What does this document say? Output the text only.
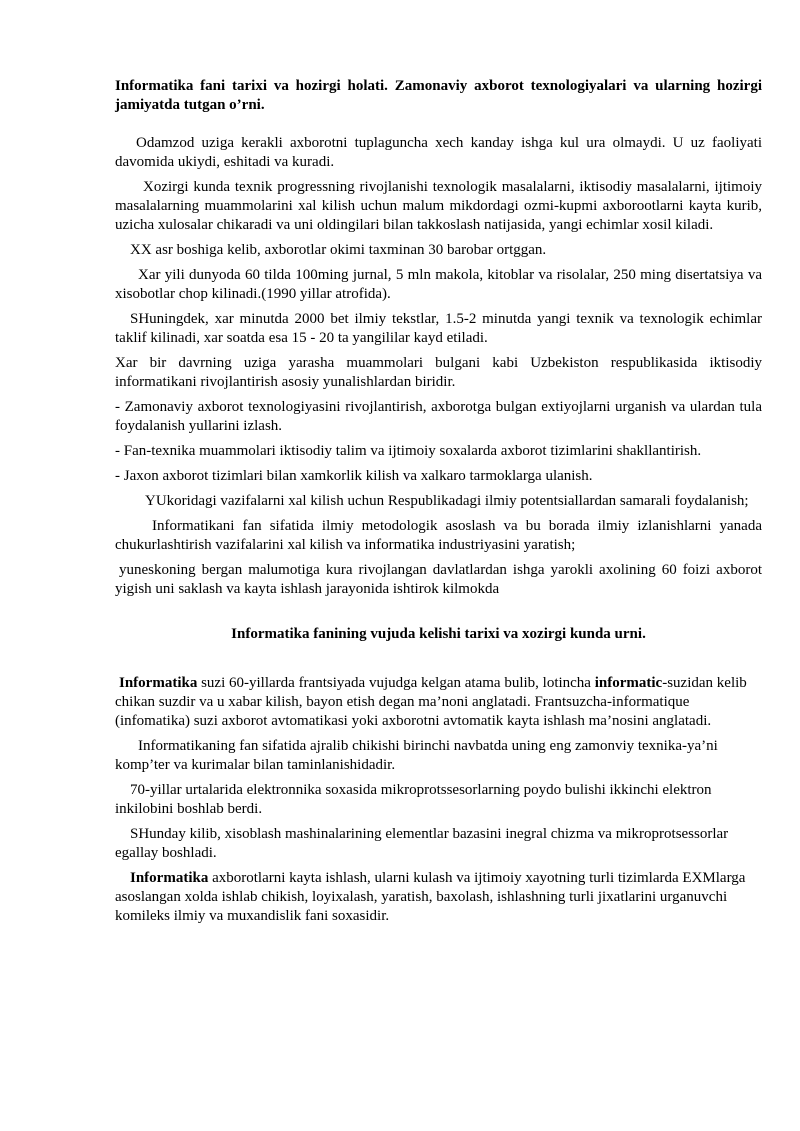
Informatika fani tarixi va hozirgi holati. Zamonaviy axborot texnologiyalari va ularning hozirgi jamiyatda tutgan o’rni.

Odamzod uziga kerakli axborotni tuplaguncha xech kanday ishga kul ura olmaydi. U uz faoliyati davomida ukiydi, eshitadi va kuradi.

Xozirgi kunda texnik progressning rivojlanishi texnologik masalalarni, iktisodiy masalalarni, ijtimoiy masalalarning muammolarini xal kilish uchun malum mikdordagi ozmi-kupmi axborootlarni kayta kurib, uzicha xulosalar chikaradi va uni oldingilari bilan takkoslash natijasida, yangi echimlar xosil kiladi.

XX asr boshiga kelib, axborotlar okimi taxminan 30 barobar ortggan.

Xar yili dunyoda 60 tilda 100ming jurnal, 5 mln makola, kitoblar va risolalar, 250 ming disertatsiya va xisobotlar chop kilinadi.(1990 yillar atrofida).

SHuningdek, xar minutda 2000 bet ilmiy tekstlar, 1.5-2 minutda yangi texnik va texnologik echimlar taklif kilinadi, xar soatda esa 15 - 20 ta yangililar kayd etiladi.

Xar bir davrning uziga yarasha muammolari bulgani kabi Uzbekiston respublikasida iktisodiy informatikani rivojlantirish asosiy yunalishlardan biridir.

- Zamonaviy axborot texnologiyasini rivojlantirish, axborotga bulgan extiyojlarni urganish va ulardan tula foydalanish yullarini izlash.

- Fan-texnika muammolari iktisodiy talim va ijtimoiy soxalarda axborot tizimlarini shakllantirish.

- Jaxon axborot tizimlari bilan xamkorlik kilish va xalkaro tarmoklarga ulanish.

YUkoridagi vazifalarni xal kilish uchun Respublikadagi ilmiy potentsiallardan samarali foydalanish;

Informatikani fan sifatida ilmiy metodologik asoslash va bu borada ilmiy izlanishlarni yanada chukurlashtirish vazifalarini xal kilish va informatika industriyasini yaratish;

yuneskoning bergan malumotiga kura rivojlangan davlatlardan ishga yarokli axolining 60 foizi axborot yigish uni saklash va kayta ishlash jarayonida ishtirok kilmokda

Informatika fanining vujuda kelishi tarixi va xozirgi kunda urni.

Informatika suzi 60-yillarda frantsiyada vujudga kelgan atama bulib, lotincha informatic-suzidan kelib chikan suzdir va u xabar kilish, bayon etish degan ma’noni anglatadi. Frantsuzcha-informatique (infomatika) suzi axborot avtomatikasi yoki axborotni avtomatik kayta ishlash ma’nosini anglatadi.

Informatikaning fan sifatida ajralib chikishi birinchi navbatda uning eng zamonviy texnika-ya’ni komp’ter va kurimalar bilan taminlanishidadir.

70-yillar urtalarida elektronnika soxasida mikroprotssesorlarning poydo bulishi ikkinchi elektron inkilobini boshlab berdi.

SHunday kilib, xisoblash mashinalarining elementlar bazasini inegral chizma va mikroprotsessorlar egallay boshladi.

Informatika axborotlarni kayta ishlash, ularni kulash va ijtimoiy xayotning turli tizimlarda EXMlarga asoslangan xolda ishlab chikish, loyixalash, yaratish, baxolash, ishlashning turli jixatlarini urganuvchi komileks ilmiy va muxandislik fani soxasidir.
